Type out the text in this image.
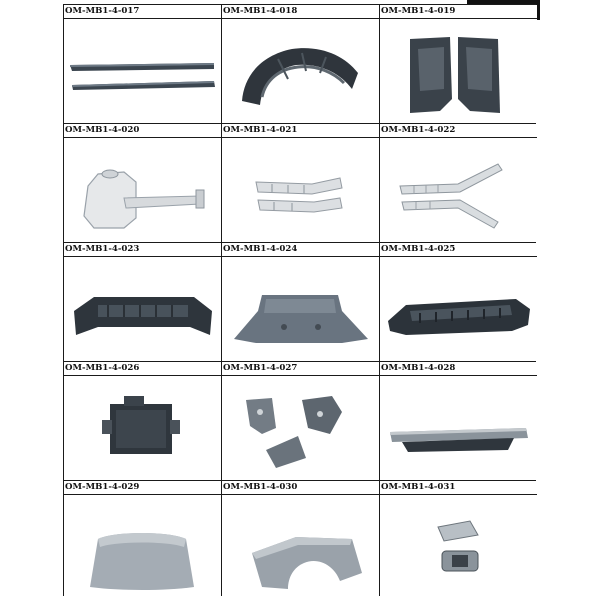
OM-MB1-4-017	OM-MB1-4-018	OM-MB1-4-019
OM-MB1-4-020	OM-MB1-4-021	OM-MB1-4-022
OM-MB1-4-023	OM-MB1-4-024	OM-MB1-4-025
OM-MB1-4-026	OM-MB1-4-027	OM-MB1-4-028
OM-MB1-4-029	OM-MB1-4-030	OM-MB1-4-031
